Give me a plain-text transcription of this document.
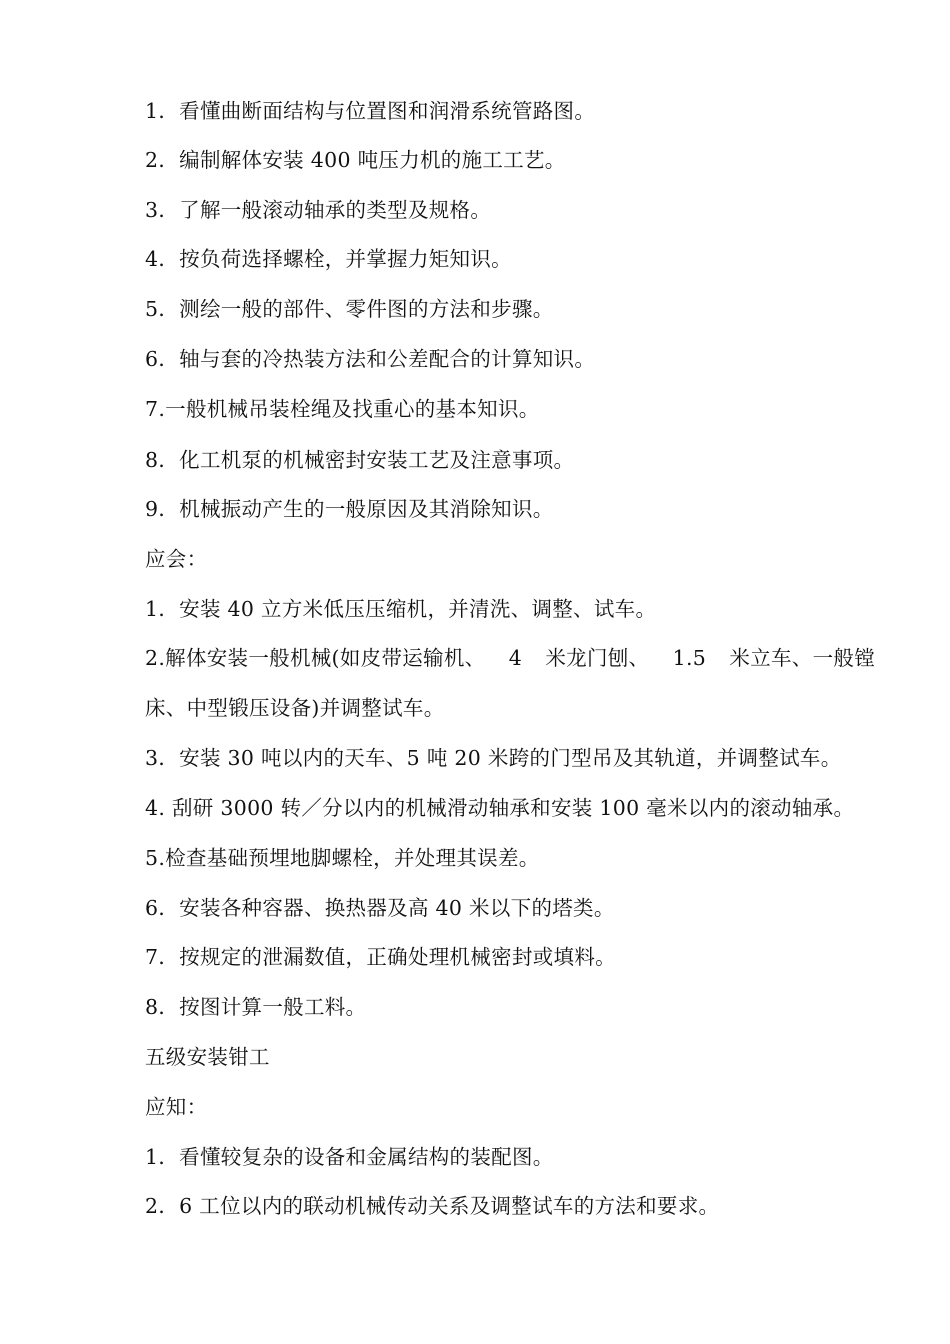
1．看懂曲断面结构与位置图和润滑系统管路图。
2．编制解体安装 400 吨压力机的施工工艺。
3．了解一般滚动轴承的类型及规格。
4．按负荷选择螺栓，并掌握力矩知识。
5．测绘一般的部件、零件图的方法和步骤。
6．轴与套的冷热装方法和公差配合的计算知识。
7.一般机械吊装栓绳及找重心的基本知识。
8．化工机泵的机械密封安装工艺及注意事项。
9．机械振动产生的一般原因及其消除知识。
应会：
1．安装 40 立方米低压压缩机，并清洗、调整、试车。
2.解体安装一般机械(如皮带运输机、 4 米龙门刨、 1.5 米立车、一般镗
床、中型锻压设备)并调整试车。
3．安装 30 吨以内的天车、5 吨 20 米跨的门型吊及其轨道，并调整试车。
4. 刮研 3000 转／分以内的机械滑动轴承和安装 100 毫米以内的滚动轴承。
5.检查基础预埋地脚螺栓，并处理其误差。
6．安装各种容器、换热器及高 40 米以下的塔类。
7．按规定的泄漏数值，正确处理机械密封或填料。
8．按图计算一般工料。
五级安装钳工
应知：
1．看懂较复杂的设备和金属结构的装配图。
2．6 工位以内的联动机械传动关系及调整试车的方法和要求。
